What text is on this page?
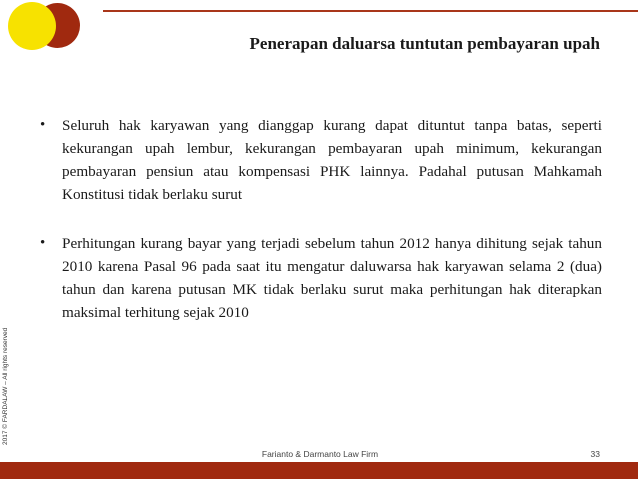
Penerapan daluarsa tuntutan pembayaran upah
• Seluruh hak karyawan yang dianggap kurang dapat dituntut tanpa batas, seperti kekurangan upah lembur, kekurangan pembayaran upah minimum, kekurangan pembayaran pensiun atau kompensasi PHK lainnya. Padahal putusan Mahkamah Konstitusi tidak berlaku surut
• Perhitungan kurang bayar yang terjadi sebelum tahun 2012 hanya dihitung sejak tahun 2010 karena Pasal 96 pada saat itu mengatur daluwarsa hak karyawan selama 2 (dua) tahun dan karena putusan MK tidak berlaku surut maka perhitungan hak diterapkan maksimal terhitung sejak 2010
2017 © FARDALAW – All rights reserved
Farianto & Darmanto Law Firm	33
